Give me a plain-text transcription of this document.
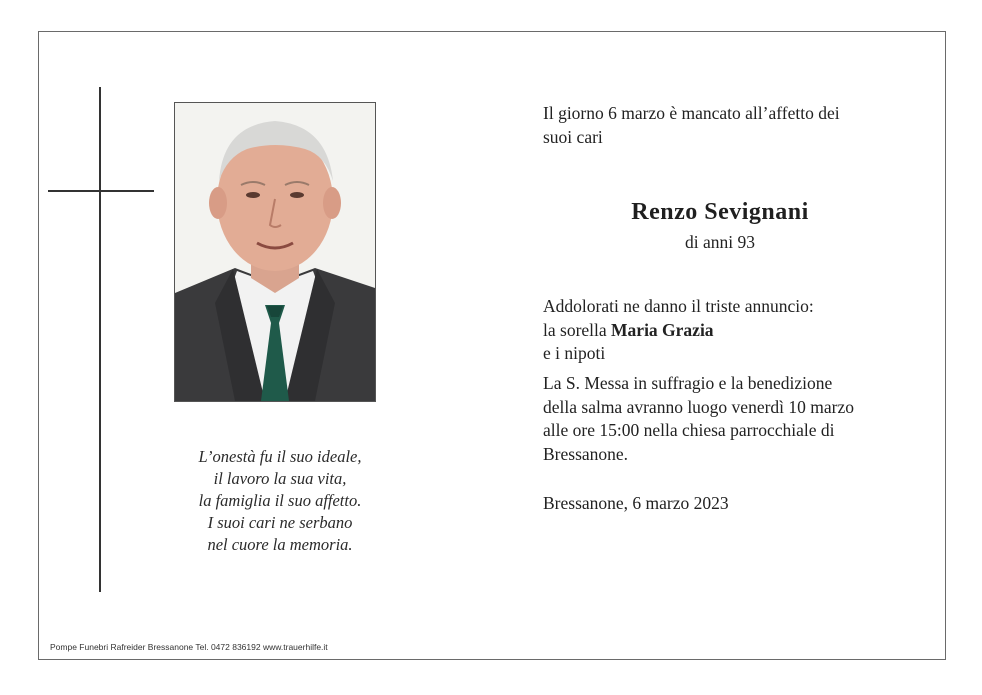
L’onestà fu il suo ideale,
il lavoro la sua vita,
la famiglia il suo affetto.
I suoi cari ne serbano
nel cuore la memoria.
Il giorno 6 marzo è mancato all’affetto dei
suoi cari
Renzo Sevignani
di anni 93
Addolorati ne danno il triste annuncio:
la sorella Maria Grazia
e i nipoti
La S. Messa in suffragio e la benedizione
della salma avranno luogo venerdì 10 marzo
alle ore 15:00 nella chiesa parrocchiale di
Bressanone.
Bressanone, 6 marzo 2023
Pompe Funebri Rafreider Bressanone Tel. 0472 836192 www.trauerhilfe.it
